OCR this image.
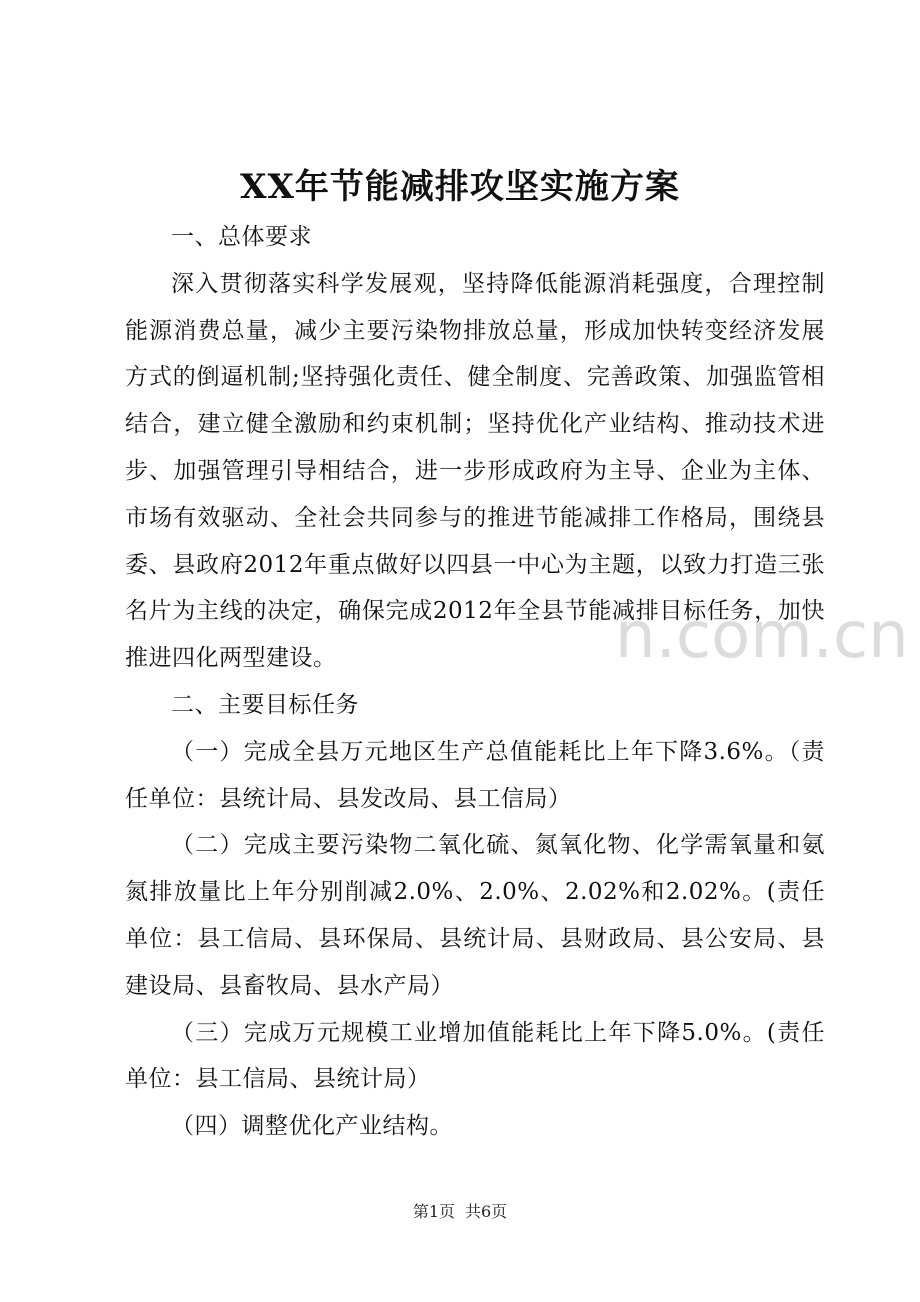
XX年节能减排攻坚实施方案

一、总体要求

深入贯彻落实科学发展观，坚持降低能源消耗强度，合理控制能源消费总量，减少主要污染物排放总量，形成加快转变经济发展方式的倒逼机制;坚持强化责任、健全制度、完善政策、加强监管相结合，建立健全激励和约束机制；坚持优化产业结构、推动技术进步、加强管理引导相结合，进一步形成政府为主导、企业为主体、市场有效驱动、全社会共同参与的推进节能减排工作格局，围绕县委、县政府2012年重点做好以四县一中心为主题，以致力打造三张名片为主线的决定，确保完成2012年全县节能减排目标任务，加快推进四化两型建设。

二、主要目标任务

（一）完成全县万元地区生产总值能耗比上年下降3.6%。（责任单位：县统计局、县发改局、县工信局）

（二）完成主要污染物二氧化硫、氮氧化物、化学需氧量和氨氮排放量比上年分别削减2.0%、2.0%、2.02%和2.02%。(责任单位：县工信局、县环保局、县统计局、县财政局、县公安局、县建设局、县畜牧局、县水产局）

（三）完成万元规模工业增加值能耗比上年下降5.0%。(责任单位：县工信局、县统计局）

（四）调整优化产业结构。

n.com.cn
第1页 共6页
